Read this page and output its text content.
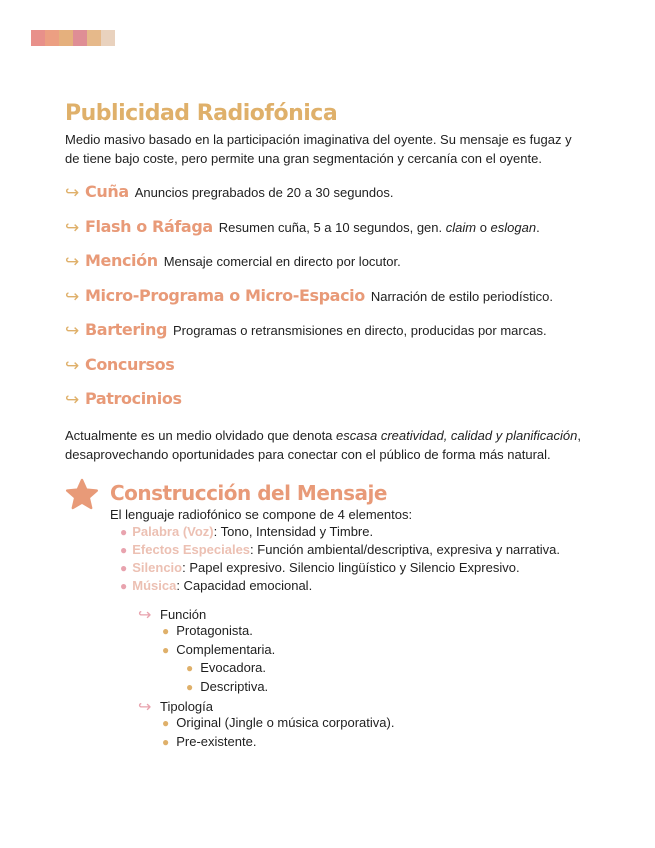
Publicidad Radiofónica

Medio masivo basado en la participación imaginativa del oyente. Su mensaje es fugaz y de tiene bajo coste, pero permite una gran segmentación y cercanía con el oyente.

↪ Cuña Anuncios pregrabados de 20 a 30 segundos.
↪ Flash o Ráfaga Resumen cuña, 5 a 10 segundos, gen. claim o eslogan.
↪ Mención Mensaje comercial en directo por locutor.
↪ Micro-Programa o Micro-Espacio Narración de estilo periodístico.
↪ Bartering Programas o retransmisiones en directo, producidas por marcas.
↪ Concursos
↪ Patrocinios

Actualmente es un medio olvidado que denota escasa creatividad, calidad y planificación, desaprovechando oportunidades para conectar con el público de forma más natural.

Construcción del Mensaje
El lenguaje radiofónico se compone de 4 elementos:
● Palabra (Voz) : Tono, Intensidad y Timbre.
● Efectos Especiales : Función ambiental/descriptiva, expresiva y narrativa.
● Silencio : Papel expresivo. Silencio lingüístico y Silencio Expresivo.
● Música : Capacidad emocional.
↪ Función
● Protagonista.
● Complementaria.
● Evocadora.
● Descriptiva.
↪ Tipología
● Original (Jingle o música corporativa).
● Pre-existente.
